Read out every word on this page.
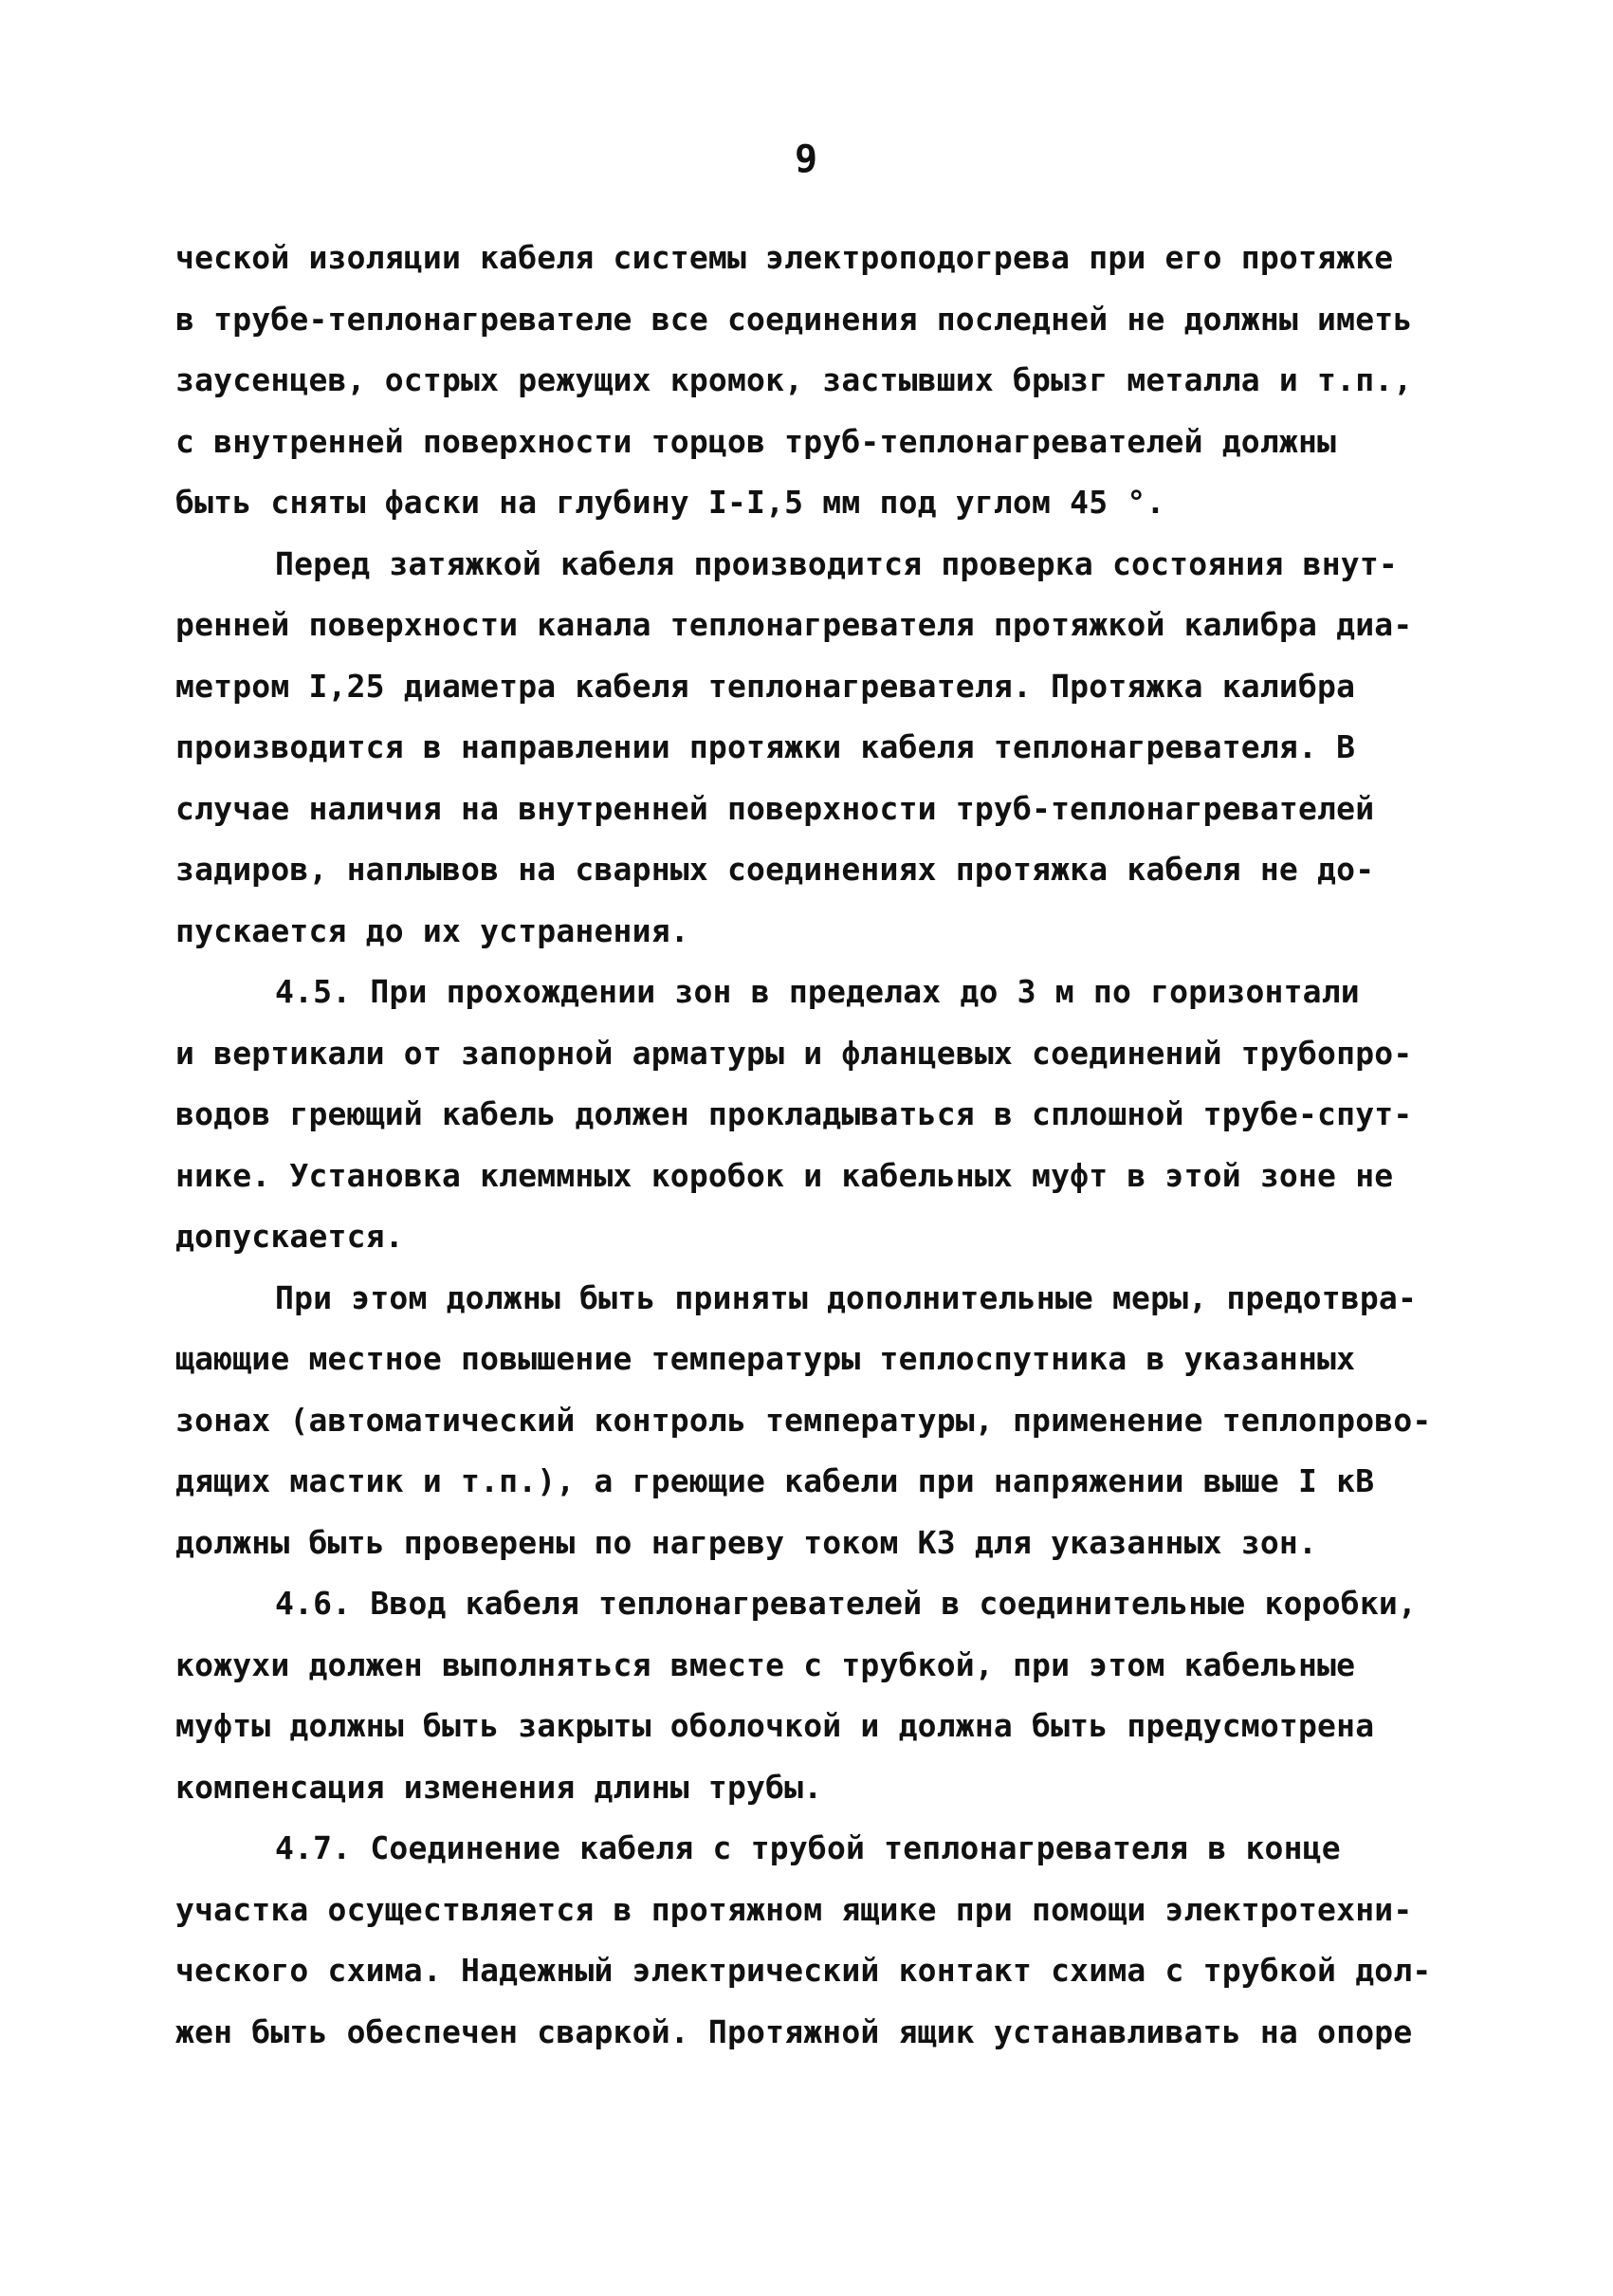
9
ческой изоляции кабеля системы электроподогрева при его протяжке
в трубе-теплонагревателе все соединения последней не должны иметь
заусенцев, острых режущих кромок, застывших брызг металла и т.п.,
с внутренней поверхности торцов труб-теплонагревателей должны
быть сняты фаски на глубину I-I,5 мм под углом 45 °.
Перед затяжкой кабеля производится проверка состояния внут-
ренней поверхности канала теплонагревателя протяжкой калибра диа-
метром I,25 диаметра кабеля теплонагревателя. Протяжка калибра
производится в направлении протяжки кабеля теплонагревателя. В
случае наличия на внутренней поверхности труб-теплонагревателей
задиров, наплывов на сварных соединениях протяжка кабеля не до-
пускается до их устранения.
4.5. При прохождении зон в пределах до 3 м по горизонтали
и вертикали от запорной арматуры и фланцевых соединений трубопро-
водов греющий кабель должен прокладываться в сплошной трубе-спут-
нике. Установка клеммных коробок и кабельных муфт в этой зоне не
допускается.
При этом должны быть приняты дополнительные меры, предотвра-
щающие местное повышение температуры теплоспутника в указанных
зонах (автоматический контроль температуры, применение теплопрово-
дящих мастик и т.п.), а греющие кабели при напряжении выше I кВ
должны быть проверены по нагреву током КЗ для указанных зон.
4.6. Ввод кабеля теплонагревателей в соединительные коробки,
кожухи должен выполняться вместе с трубкой, при этом кабельные
муфты должны быть закрыты оболочкой и должна быть предусмотрена
компенсация изменения длины трубы.
4.7. Соединение кабеля с трубой теплонагревателя в конце
участка осуществляется в протяжном ящике при помощи электротехни-
ческого схима. Надежный электрический контакт схима с трубкой дол-
жен быть обеспечен сваркой. Протяжной ящик устанавливать на опоре
